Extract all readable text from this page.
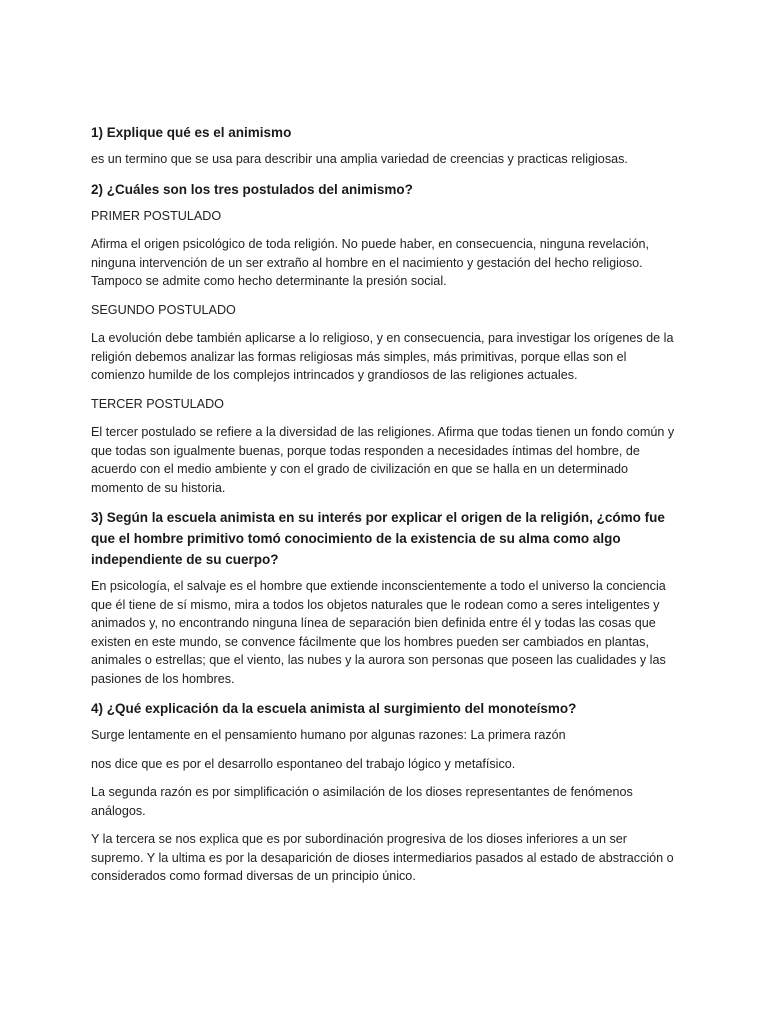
1) Explique qué es el animismo
es un termino que se usa para describir una amplia variedad de creencias y practicas religiosas.
2) ¿Cuáles son los tres postulados del animismo?
PRIMER POSTULADO
Afirma el origen psicológico de toda religión. No puede haber, en consecuencia, ninguna revelación, ninguna intervención de un ser extraño al hombre en el nacimiento y gestación del hecho religioso. Tampoco se admite como hecho determinante la presión social.
SEGUNDO POSTULADO
La evolución debe también aplicarse a lo religioso, y en consecuencia, para investigar los orígenes de la religión debemos analizar las formas religiosas más simples, más primitivas, porque ellas son el comienzo humilde de los complejos intrincados y grandiosos de las religiones actuales.
TERCER POSTULADO
El tercer postulado se refiere a la diversidad de las religiones. Afirma que todas tienen un fondo común y que todas son igualmente buenas, porque todas responden a necesidades íntimas del hombre, de acuerdo con el medio ambiente y con el grado de civilización en que se halla en un determinado momento de su historia.
3) Según la escuela animista en su interés por explicar el origen de la religión, ¿cómo fue que el hombre primitivo tomó conocimiento de la existencia de su alma como algo independiente de su cuerpo?
En psicología, el salvaje es el hombre que extiende inconscientemente a todo el universo la conciencia que él tiene de sí mismo, mira a todos los objetos naturales que le rodean como a seres inteligentes y animados y, no encontrando ninguna línea de separación bien definida entre él y todas las cosas que existen en este mundo, se convence fácilmente que los hombres pueden ser cambiados en plantas, animales o estrellas; que el viento, las nubes y la aurora son personas que poseen las cualidades y las pasiones de los hombres.
4) ¿Qué explicación da la escuela animista al surgimiento del monoteísmo?
Surge lentamente en el pensamiento humano por algunas razones: La primera razón
nos dice que es por el desarrollo espontaneo del trabajo lógico y metafísico.
La segunda razón es por simplificación o asimilación de los dioses representantes de fenómenos análogos.
Y la tercera se nos explica que es por subordinación progresiva de los dioses inferiores a un ser supremo. Y la ultima es por la desaparición de dioses intermediarios pasados al estado de abstracción o considerados como formad diversas de un principio único.
